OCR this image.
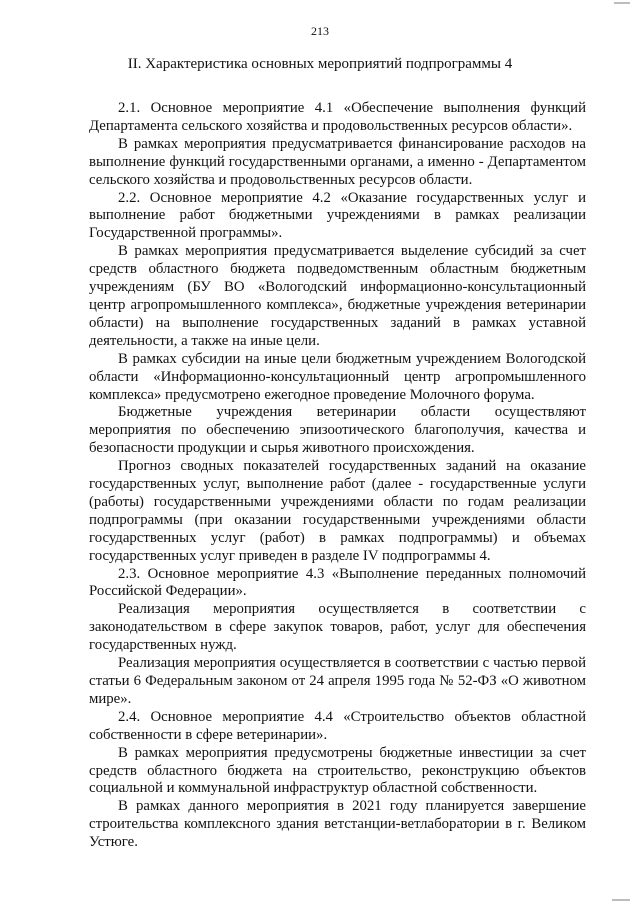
213
II. Характеристика основных мероприятий подпрограммы 4

2.1. Основное мероприятие 4.1 «Обеспечение выполнения функций Департамента сельского хозяйства и продовольственных ресурсов области».

В рамках мероприятия предусматривается финансирование расходов на выполнение функций государственными органами, а именно - Департаментом сельского хозяйства и продовольственных ресурсов области.

2.2. Основное мероприятие 4.2 «Оказание государственных услуг и выполнение работ бюджетными учреждениями в рамках реализации Государственной программы».

В рамках мероприятия предусматривается выделение субсидий за счет средств областного бюджета подведомственным областным бюджетным учреждениям (БУ ВО «Вологодский информационно-консультационный центр агропромышленного комплекса», бюджетные учреждения ветеринарии области) на выполнение государственных заданий в рамках уставной деятельности, а также на иные цели.

В рамках субсидии на иные цели бюджетным учреждением Вологодской области «Информационно-консультационный центр агропромышленного комплекса» предусмотрено ежегодное проведение Молочного форума.

Бюджетные учреждения ветеринарии области осуществляют мероприятия по обеспечению эпизоотического благополучия, качества и безопасности продукции и сырья животного происхождения.

Прогноз сводных показателей государственных заданий на оказание государственных услуг, выполнение работ (далее - государственные услуги (работы) государственными учреждениями области по годам реализации подпрограммы (при оказании государственными учреждениями области государственных услуг (работ) в рамках подпрограммы) и объемах государственных услуг приведен в разделе IV подпрограммы 4.

2.3. Основное мероприятие 4.3 «Выполнение переданных полномочий Российской Федерации».

Реализация мероприятия осуществляется в соответствии с законодательством в сфере закупок товаров, работ, услуг для обеспечения государственных нужд.

Реализация мероприятия осуществляется в соответствии с частью первой статьи 6 Федеральным законом от 24 апреля 1995 года № 52-ФЗ «О животном мире».

2.4. Основное мероприятие 4.4 «Строительство объектов областной собственности в сфере ветеринарии».

В рамках мероприятия предусмотрены бюджетные инвестиции за счет средств областного бюджета на строительство, реконструкцию объектов социальной и коммунальной инфраструктур областной собственности.

В рамках данного мероприятия в 2021 году планируется завершение строительства комплексного здания ветстанции-ветлаборатории в г. Великом Устюге.
